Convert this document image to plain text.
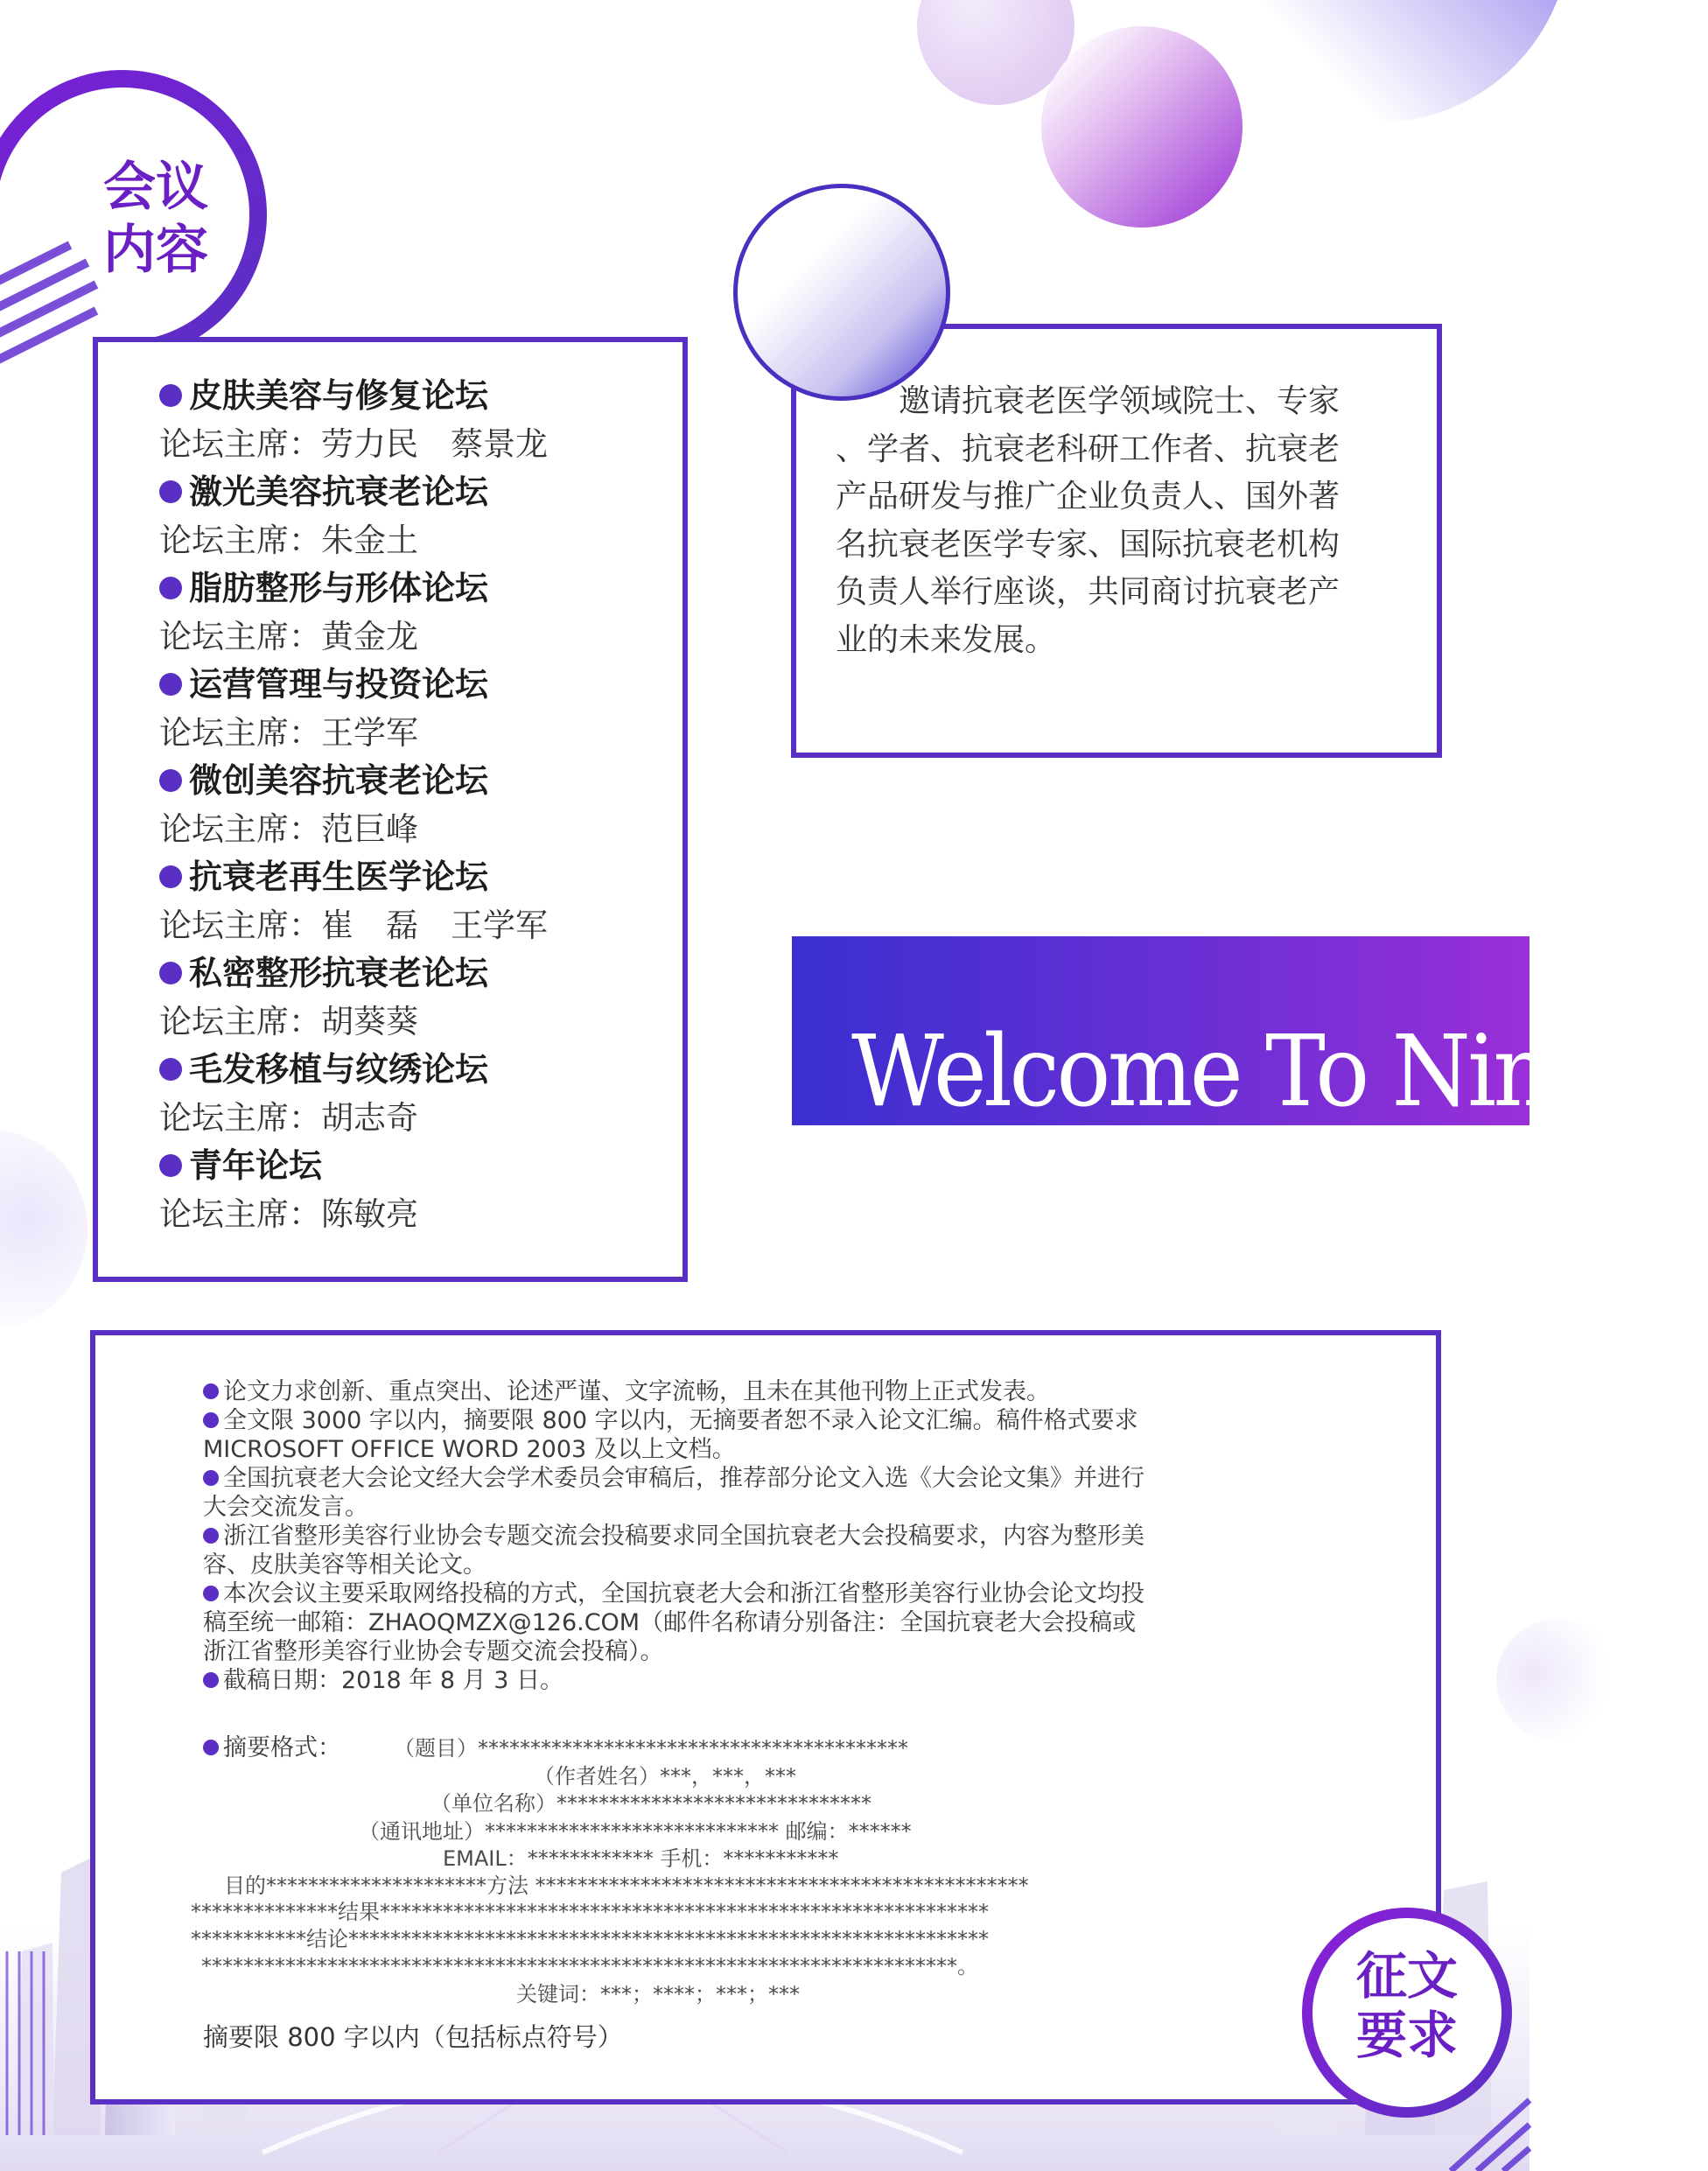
会议
内容
皮肤美容与修复论坛
论坛主席：劳力民　蔡景龙
激光美容抗衰老论坛
论坛主席：朱金土
脂肪整形与形体论坛
论坛主席：黄金龙
运营管理与投资论坛
论坛主席：王学军
微创美容抗衰老论坛
论坛主席：范巨峰
抗衰老再生医学论坛
论坛主席：崔　磊　王学军
私密整形抗衰老论坛
论坛主席：胡葵葵
毛发移植与纹绣论坛
论坛主席：胡志奇
青年论坛
论坛主席：陈敏亮
　　邀请抗衰老医学领域院士、专家
、学者、抗衰老科研工作者、抗衰老
产品研发与推广企业负责人、国外著
名抗衰老医学专家、国际抗衰老机构
负责人举行座谈，共同商讨抗衰老产
业的未来发展。
Welcome To Ningbo
论文力求创新、重点突出、论述严谨、文字流畅，且未在其他刊物上正式发表。
全文限 3000 字以内，摘要限 800 字以内，无摘要者恕不录入论文汇编。稿件格式要求
MICROSOFT OFFICE WORD 2003 及以上文档。
全国抗衰老大会论文经大会学术委员会审稿后，推荐部分论文入选《大会论文集》并进行
大会交流发言。
浙江省整形美容行业协会专题交流会投稿要求同全国抗衰老大会投稿要求，内容为整形美
容、皮肤美容等相关论文。
本次会议主要采取网络投稿的方式，全国抗衰老大会和浙江省整形美容行业协会论文均投
稿至统一邮箱：ZHAOQMZX@126.COM（邮件名称请分别备注：全国抗衰老大会投稿或
浙江省整形美容行业协会专题交流会投稿）。
截稿日期：2018 年 8 月 3 日。
摘要格式：	（题目）*****************************************
（作者姓名）***，***，***
（单位名称）******************************
（通讯地址）**************************** 邮编：******
EMAIL：************ 手机：***********
目的*********************方法 ***********************************************
**************结果**********************************************************
***********结论*************************************************************
************************************************************************。
关键词：***；****；***；***
摘要限 800 字以内（包括标点符号）
征文
要求
